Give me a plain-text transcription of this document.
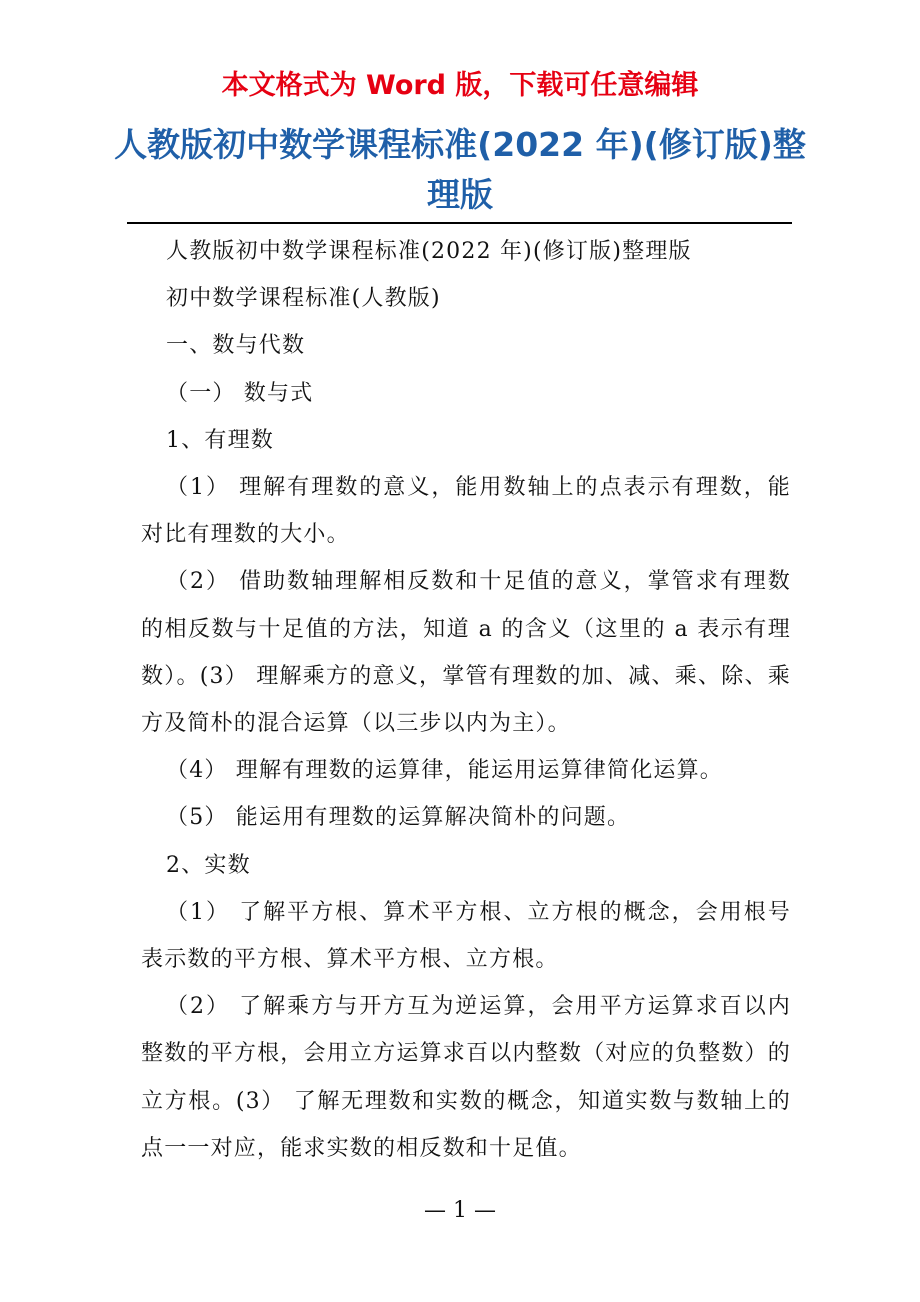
本文格式为 Word 版，下载可任意编辑
人教版初中数学课程标准(2022 年)(修订版)整理版

人教版初中数学课程标准(2022 年)(修订版)整理版

初中数学课程标准(人教版)

一、数与代数

（一） 数与式

1、有理数

（1） 理解有理数的意义，能用数轴上的点表示有理数，能对比有理数的大小。

（2） 借助数轴理解相反数和十足值的意义，掌管求有理数的相反数与十足值的方法，知道 a 的含义（这里的 a 表示有理数）。(3） 理解乘方的意义，掌管有理数的加、减、乘、除、乘方及简朴的混合运算（以三步以内为主）。

（4） 理解有理数的运算律，能运用运算律简化运算。

（5） 能运用有理数的运算解决简朴的问题。

2、实数

（1） 了解平方根、算术平方根、立方根的概念，会用根号表示数的平方根、算术平方根、立方根。

（2） 了解乘方与开方互为逆运算，会用平方运算求百以内整数的平方根，会用立方运算求百以内整数（对应的负整数）的立方根。(3） 了解无理数和实数的概念，知道实数与数轴上的点一一对应，能求实数的相反数和十足值。

— 1 —
